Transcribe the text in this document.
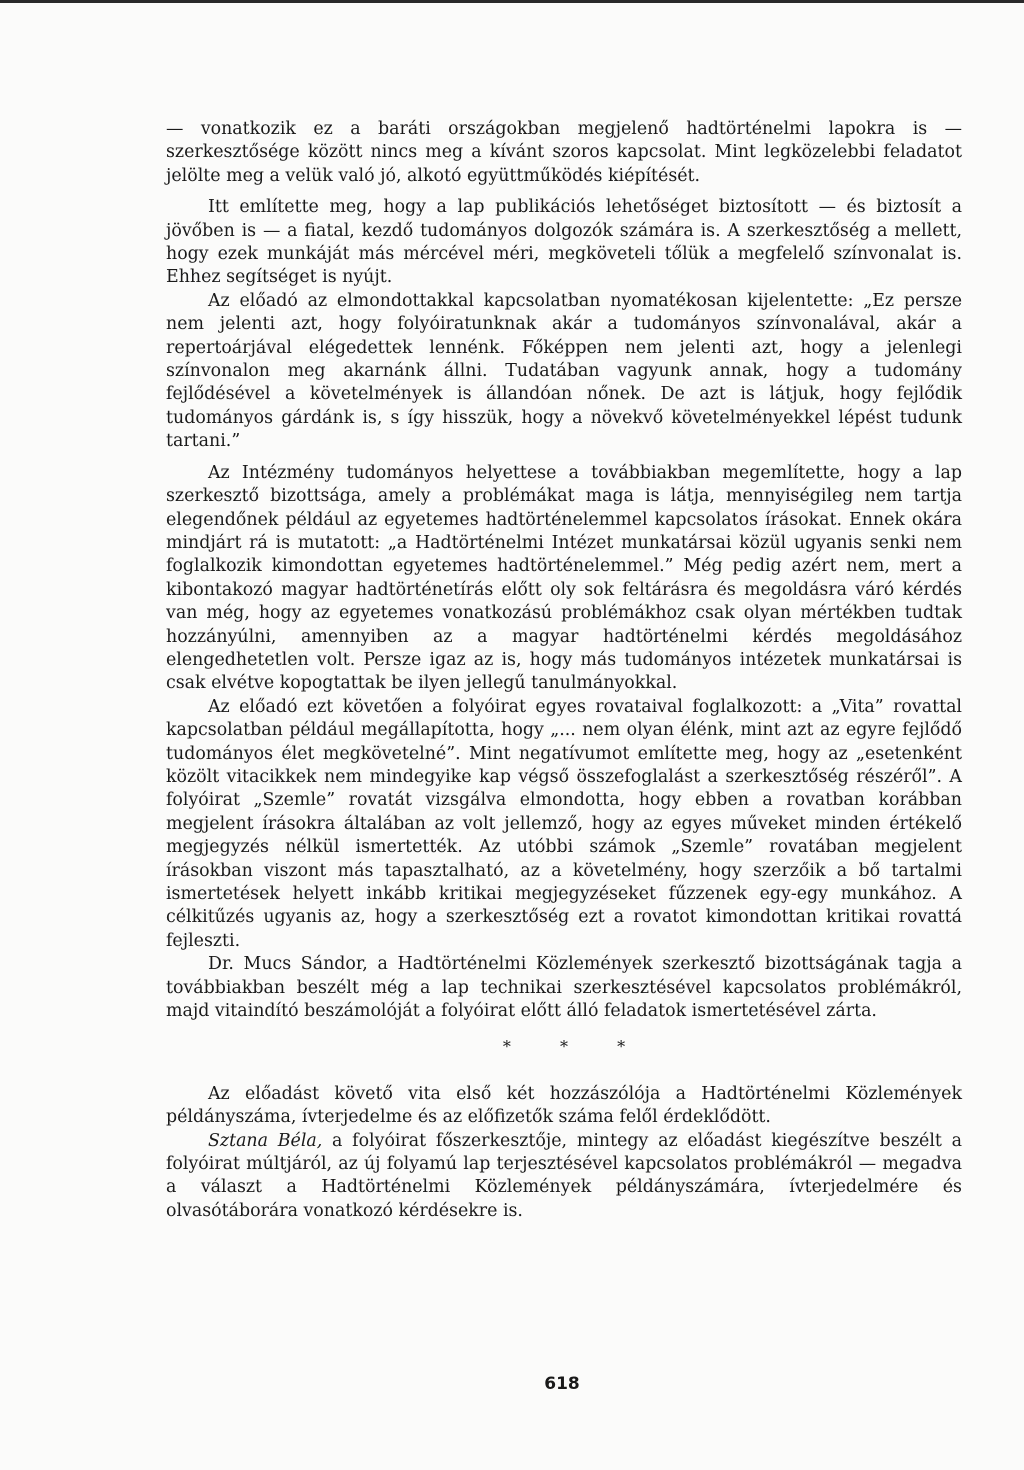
— vonatkozik ez a baráti országokban megjelenő hadtörténelmi lapokra is — szerkesztősége között nincs meg a kívánt szoros kapcsolat. Mint legközelebbi feladatot jelölte meg a velük való jó, alkotó együttműködés kiépítését.

Itt említette meg, hogy a lap publikációs lehetőséget biztosított — és biztosít a jövőben is — a fiatal, kezdő tudományos dolgozók számára is. A szerkesztőség a mellett, hogy ezek munkáját más mércével méri, megköveteli tőlük a megfelelő színvonalat is. Ehhez segítséget is nyújt.

Az előadó az elmondottakkal kapcsolatban nyomatékosan kijelentette: „Ez persze nem jelenti azt, hogy folyóiratunknak akár a tudományos színvonalával, akár a repertoárjával elégedettek lennénk. Főképpen nem jelenti azt, hogy a jelenlegi színvonalon meg akarnánk állni. Tudatában vagyunk annak, hogy a tudomány fejlődésével a követelmények is állandóan nőnek. De azt is látjuk, hogy fejlődik tudományos gárdánk is, s így hisszük, hogy a növekvő követelményekkel lépést tudunk tartani.”

Az Intézmény tudományos helyettese a továbbiakban megemlítette, hogy a lap szerkesztő bizottsága, amely a problémákat maga is látja, mennyiségileg nem tartja elegendőnek például az egyetemes hadtörténelemmel kapcsolatos írásokat. Ennek okára mindjárt rá is mutatott: „a Hadtörténelmi Intézet munkatársai közül ugyanis senki nem foglalkozik kimondottan egyetemes hadtörténelemmel.” Még pedig azért nem, mert a kibontakozó magyar hadtörténetírás előtt oly sok feltárásra és megoldásra váró kérdés van még, hogy az egyetemes vonatkozású problémákhoz csak olyan mértékben tudtak hozzányúlni, amennyiben az a magyar hadtörténelmi kérdés megoldásához elengedhetetlen volt. Persze igaz az is, hogy más tudományos intézetek munkatársai is csak elvétve kopogtattak be ilyen jellegű tanulmányokkal.

Az előadó ezt követően a folyóirat egyes rovataival foglalkozott: a „Vita” rovattal kapcsolatban például megállapította, hogy „... nem olyan élénk, mint azt az egyre fejlődő tudományos élet megkövetelné”. Mint negatívumot említette meg, hogy az „esetenként közölt vitacikkek nem mindegyike kap végső összefoglalást a szerkesztőség részéről”. A folyóirat „Szemle” rovatát vizsgálva elmondotta, hogy ebben a rovatban korábban megjelent írásokra általában az volt jellemző, hogy az egyes műveket minden értékelő megjegyzés nélkül ismertették. Az utóbbi számok „Szemle” rovatában megjelent írásokban viszont más tapasztalható, az a követelmény, hogy szerzőik a bő tartalmi ismertetések helyett inkább kritikai megjegyzéseket fűzzenek egy-egy munkához. A célkitűzés ugyanis az, hogy a szerkesztőség ezt a rovatot kimondottan kritikai rovattá fejleszti.

Dr. Mucs Sándor, a Hadtörténelmi Közlemények szerkesztő bizottságának tagja a továbbiakban beszélt még a lap technikai szerkesztésével kapcsolatos problémákról, majd vitaindító beszámolóját a folyóirat előtt álló feladatok ismertetésével zárta.

* * *

Az előadást követő vita első két hozzászólója a Hadtörténelmi Közlemények példányszáma, ívterjedelme és az előfizetők száma felől érdeklődött.

Sztana Béla, a folyóirat főszerkesztője, mintegy az előadást kiegészítve beszélt a folyóirat múltjáról, az új folyamú lap terjesztésével kapcsolatos problémákról — megadva a választ a Hadtörténelmi Közlemények példányszámára, ívterjedelmére és olvasótáborára vonatkozó kérdésekre is.

618
